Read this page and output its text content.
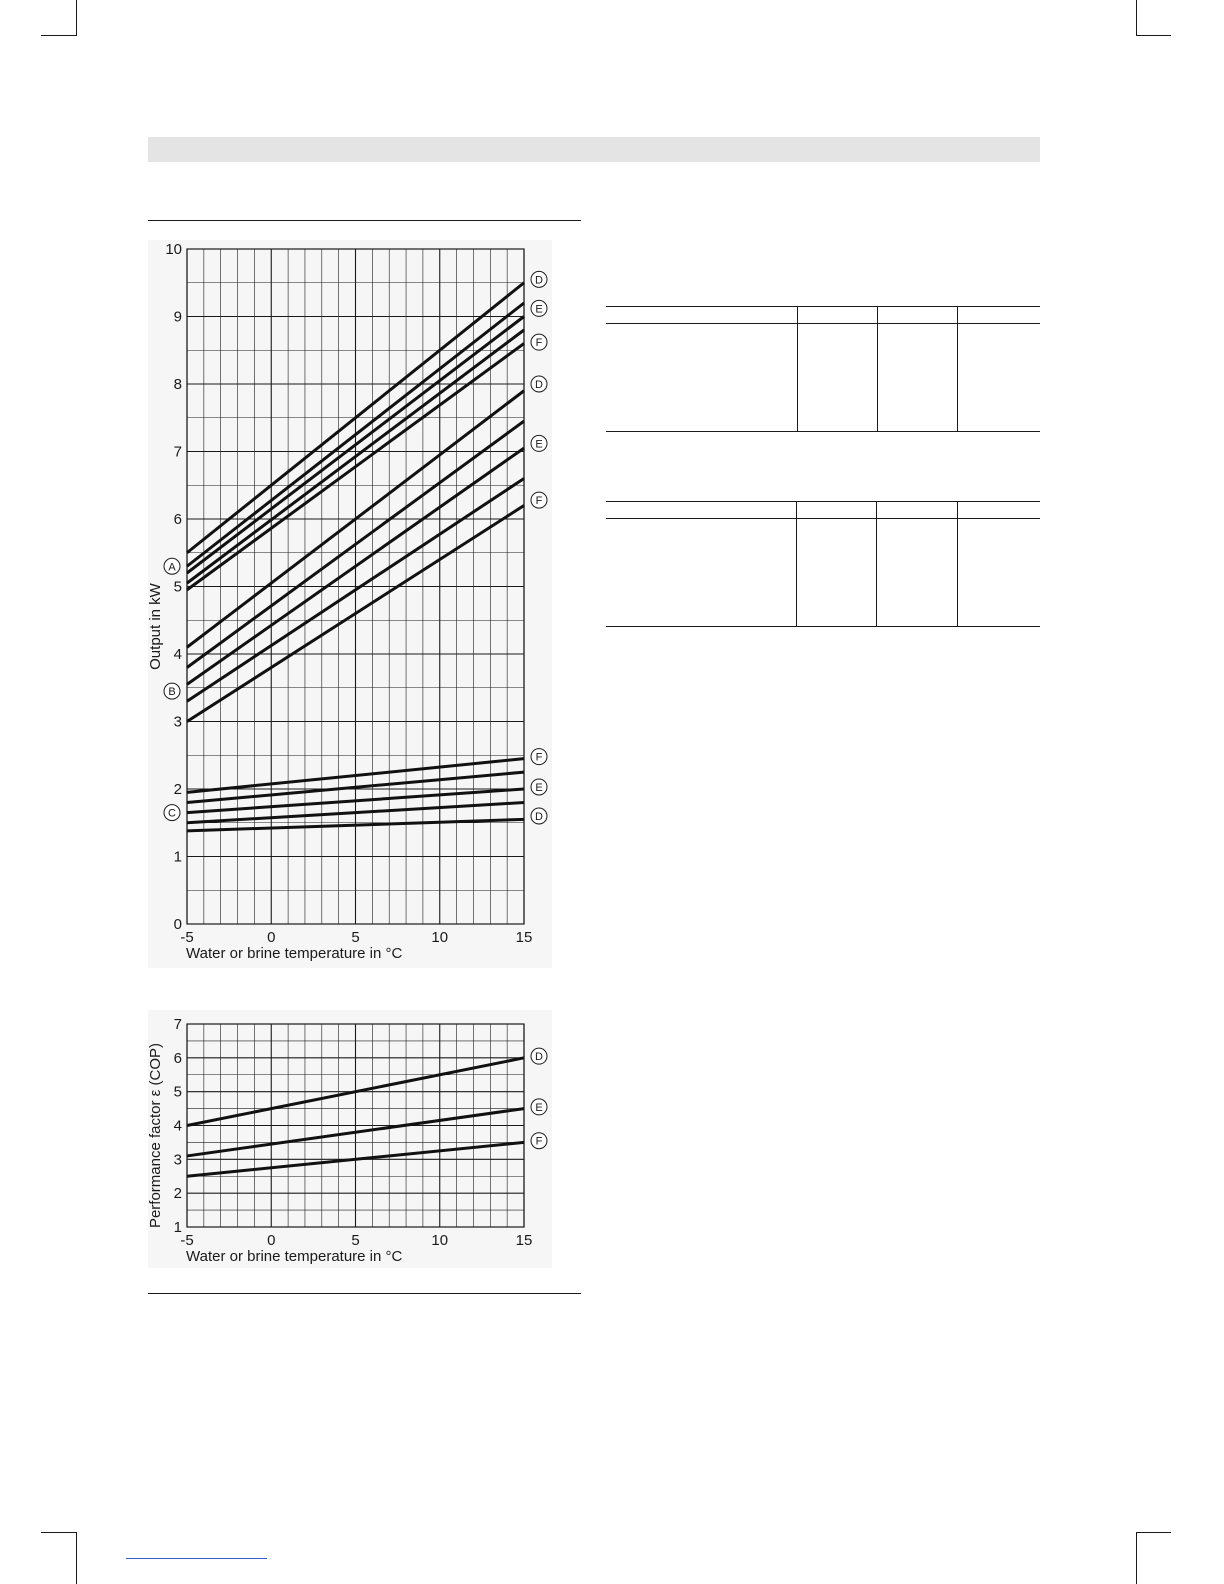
0
1
2
3
4
5
6
7
8
9
10
-5	0	5	10	15
Water or brine temperature in °C
Output in kW
A
B
C
D
E
F
D
E
F
F
E
D
1
2
3
4
5
6
7
-5	0	5	10	15
Water or brine temperature in °C
Performance factor ε (COP)	D
E
F
